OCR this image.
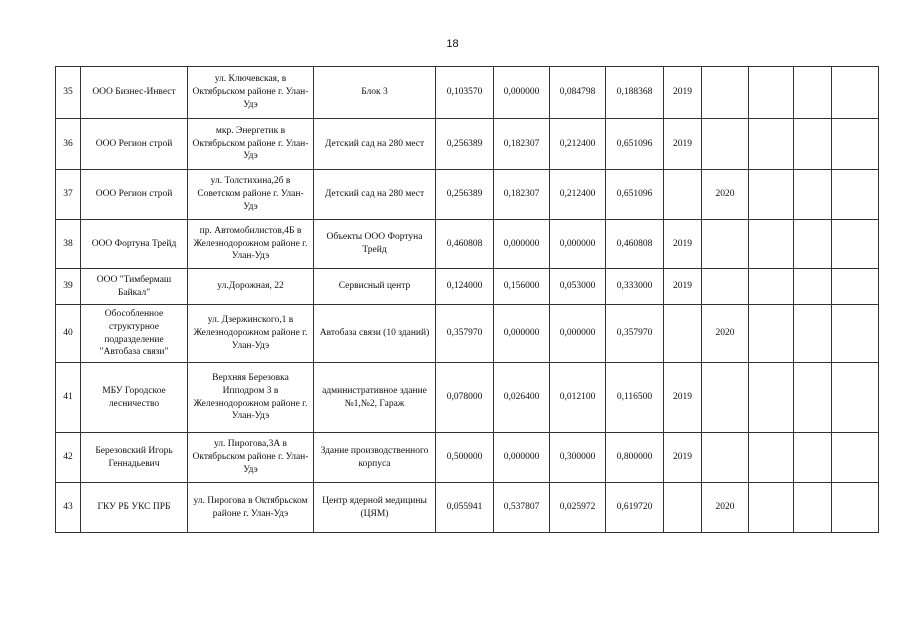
18
35	ООО Бизнес-Инвест	ул. Ключевская, в Октябрьском районе г. Улан-Удэ	Блок 3	0,103570	0,000000	0,084798	0,188368	2019				
36	ООО Регион строй	мкр. Энергетик в Октябрьском районе г. Улан-Удэ	Детский сад на 280 мест	0,256389	0,182307	0,212400	0,651096	2019				
37	ООО Регион строй	ул. Толстихина,2б в Советском районе г. Улан-Удэ	Детский сад на 280 мест	0,256389	0,182307	0,212400	0,651096		2020			
38	ООО Фортуна Трейд	пр. Автомобилистов,4Б в Железнодорожном районе г. Улан-Удэ	Объекты ООО Фортуна Трейд	0,460808	0,000000	0,000000	0,460808	2019				
39	ООО "Тимбермаш Байкал"	ул.Дорожная, 22	Сервисный центр	0,124000	0,156000	0,053000	0,333000	2019				
40	Обособленное структурное подразделение "Автобаза связи"	ул. Дзержинского,1 в Железнодорожном районе г. Улан-Удэ	Автобаза связи (10 зданий)	0,357970	0,000000	0,000000	0,357970		2020			
41	МБУ Городское лесничество	Верхняя Березовка Ипподром 3 в Железнодорожном районе г. Улан-Удэ	административное здание №1,№2, Гараж	0,078000	0,026400	0,012100	0,116500	2019				
42	Березовский Игорь Геннадьевич	ул. Пирогова,3А в Октябрьском районе г. Улан-Удэ	Здание производственного корпуса	0,500000	0,000000	0,300000	0,800000	2019				
43	ГКУ РБ УКС ПРБ	ул. Пирогова в Октябрьском районе г. Улан-Удэ	Центр ядерной медицины (ЦЯМ)	0,055941	0,537807	0,025972	0,619720		2020			
